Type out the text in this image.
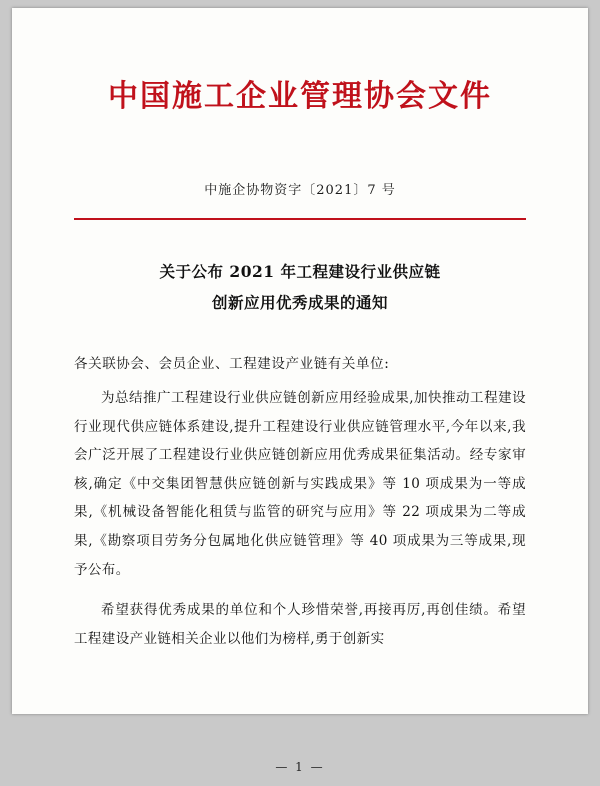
中国施工企业管理协会文件
中施企协物资字〔2021〕7 号
关于公布 2021 年工程建设行业供应链
创新应用优秀成果的通知
各关联协会、会员企业、工程建设产业链有关单位:
为总结推广工程建设行业供应链创新应用经验成果,加快推动工程建设行业现代供应链体系建设,提升工程建设行业供应链管理水平,今年以来,我会广泛开展了工程建设行业供应链创新应用优秀成果征集活动。经专家审核,确定《中交集团智慧供应链创新与实践成果》等 10 项成果为一等成果,《机械设备智能化租赁与监管的研究与应用》等 22 项成果为二等成果,《勘察项目劳务分包属地化供应链管理》等 40 项成果为三等成果,现予公布。
希望获得优秀成果的单位和个人珍惜荣誉,再接再厉,再创佳绩。希望工程建设产业链相关企业以他们为榜样,勇于创新实
— 1 —
